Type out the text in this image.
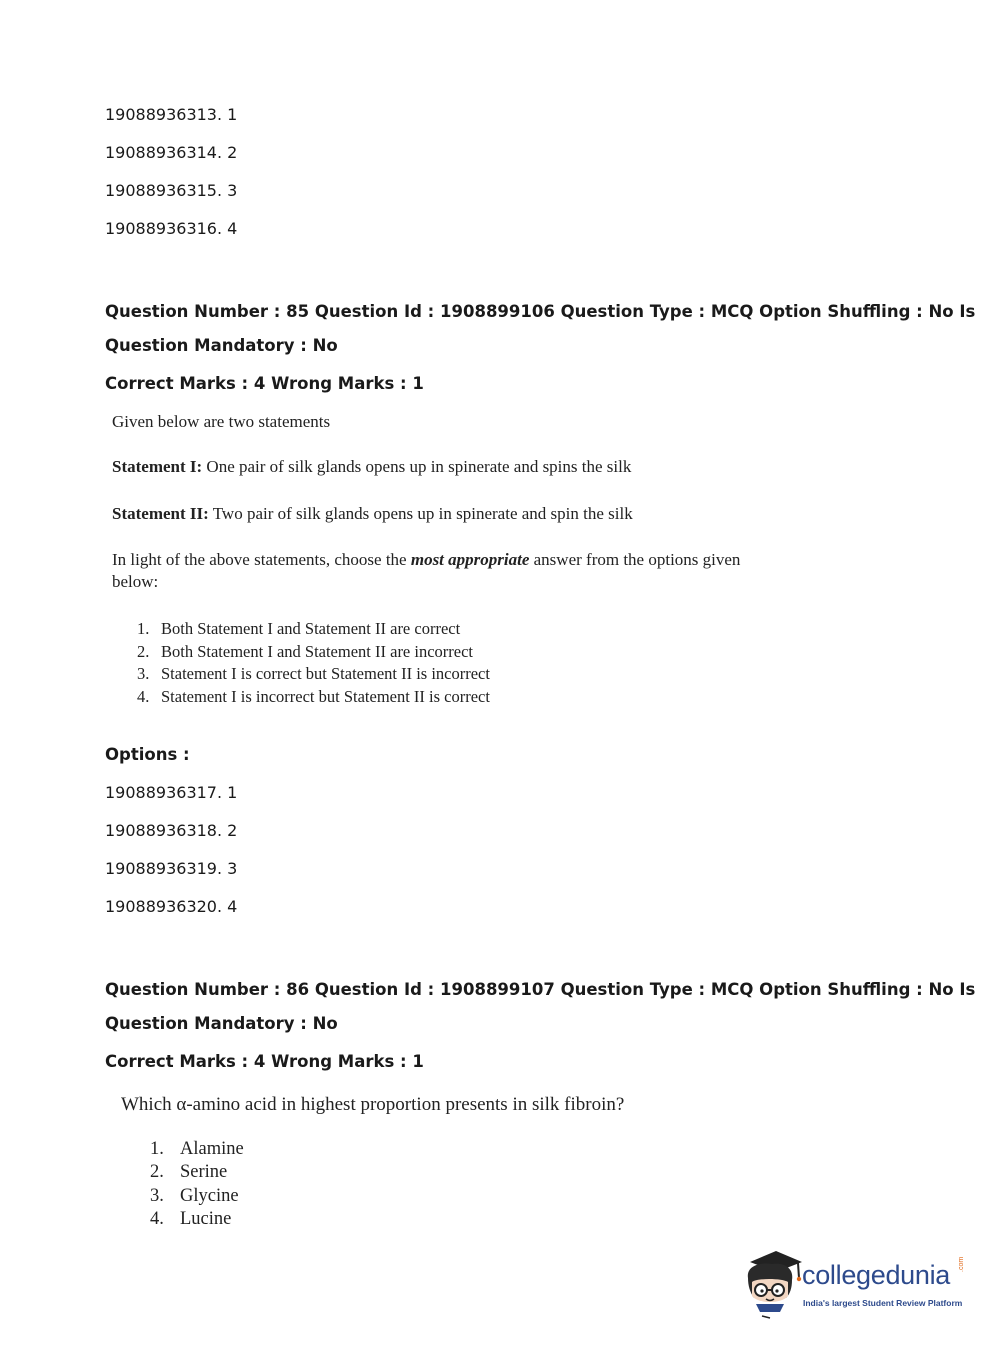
19088936313. 1
19088936314. 2
19088936315. 3
19088936316. 4
Question Number : 85 Question Id : 1908899106 Question Type : MCQ Option Shuffling : No Is
Question Mandatory : No
Correct Marks : 4 Wrong Marks : 1
Given below are two statements
Statement I: One pair of silk glands opens up in spinerate and spins the silk
Statement II: Two pair of silk glands opens up in spinerate and spin the silk
In light of the above statements, choose the most appropriate answer from the options given
below:
1. Both Statement I and Statement II are correct
2. Both Statement I and Statement II are incorrect
3. Statement I is correct but Statement II is incorrect
4. Statement I is incorrect but Statement II is correct
Options :
19088936317. 1
19088936318. 2
19088936319. 3
19088936320. 4
Question Number : 86 Question Id : 1908899107 Question Type : MCQ Option Shuffling : No Is
Question Mandatory : No
Correct Marks : 4 Wrong Marks : 1
Which α-amino acid in highest proportion presents in silk fibroin?
1. Alamine
2. Serine
3. Glycine
4. Lucine
collegedunia .com
India's largest Student Review Platform
